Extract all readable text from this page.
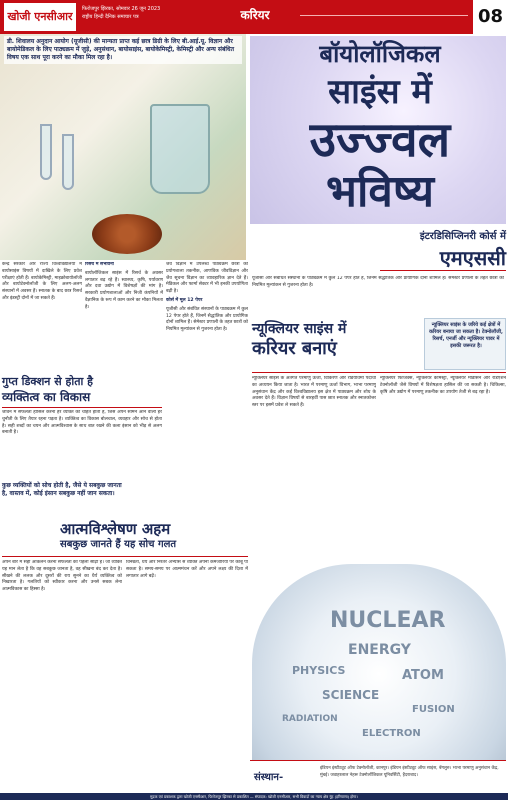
खोजी एनसीआर
फिरोजपुर झिरका, सोमवार 26 जून 2023
राष्ट्रीय हिन्दी दैनिक समाचार पत्र	करियर	08
डी. शिवालय अनुदान आयोग (यूजीसी) की मान्यता प्राप्त कई छात्र डिग्री के लिए बी.आई.यू. विज्ञान और बायोमेडिकल के लिए पाठ्यक्रम में जुड़े, अनुसंधान, बायोसाइंस, बायोकेमिस्ट्री, केमिस्ट्री और अन्य संबंधित विषय एक साथ पूरा करने का मौका मिल रहा है।	बॉयोलॉजिकल
साइंस में
उज्ज्वल
भविष्य
इंटरडिसिप्लिनरी कोर्स में
एमएससी

केन्द्र सरकार और राज्य विश्वविद्यालयों में बायोसाइंस विषयों में दाखिले के लिए प्रवेश परीक्षाएं होती हैं। बायोकेमिस्ट्री, माइक्रोबायोलॉजी और बायोटेक्नोलॉजी के लिए अलग-अलग संस्थानों में अवसर हैं। स्नातक के बाद छात्र रिसर्च और इंडस्ट्री दोनों में जा सकते हैं।

रिसर्च में संभावना

बायोलॉजिकल साइंस में रिसर्च के अवसर लगातार बढ़ रहे हैं। स्वास्थ्य, कृषि, पर्यावरण और दवा उद्योग में विशेषज्ञों की मांग है। सरकारी प्रयोगशालाओं और निजी कंपनियों में वैज्ञानिक के रूप में काम करने का मौका मिलता है।

जैव विज्ञान में उपलब्ध पाठ्यक्रम छात्रों को प्रयोगशाला तकनीक, आणविक जीवविज्ञान और जैव सूचना विज्ञान का व्यावहारिक ज्ञान देते हैं। मेडिकल और फार्मा सेक्टर में भी इनकी उपयोगिता बढ़ी है।

कोर्स में मूल 12 पेपर

यूजीसी और संबंधित संस्थानों के पाठ्यक्रम में कुल 12 पेपर होते हैं, जिनमें सैद्धांतिक और प्रायोगिक दोनों शामिल हैं। सेमेस्टर प्रणाली के तहत छात्रों को नियमित मूल्यांकन से गुजरना होता है।

यूजीसी और संबंधित संस्थानों के पाठ्यक्रम में कुल 12 पेपर होते हैं, जिनमें सैद्धांतिक और प्रायोगिक दोनों शामिल हैं। सेमेस्टर प्रणाली के तहत छात्रों को नियमित मूल्यांकन से गुजरना होता है।

गुप्त डिक्शन से होता है
व्यक्तित्व का विकास

जीवन में सफलता हासिल करना हर व्यक्ति की चाहत होती है, जिसे अपने सामने आने वाली हर चुनौती के लिए तैयार रहना पड़ता है। व्यक्तित्व का विकास बोलचाल, व्यवहार और सोच से होता है। सही शब्दों का चयन और आत्मविश्वास के साथ बात रखने की कला इंसान को भीड़ से अलग बनाती है।

कुछ व्यक्तियों को सोच होती है, जैसे ये सबकुछ जानता है, वास्तव में, कोई इंसान सबकुछ नहीं जान सकता।
आत्मविश्लेषण अहम
सबकुछ जानते हैं यह सोच गलत

अपने बारे में सही आकलन करना सफलता की पहली सीढ़ी है। जो व्यक्ति यह मान लेता है कि वह सबकुछ जानता है, वह सीखना बंद कर देता है। सीखने की ललक और दूसरों की राय सुनने का धैर्य व्यक्तित्व को निखारता है। गलतियों को स्वीकार करना और उनसे सबक लेना आत्मविकास का हिस्सा है।

विनम्रता, धैर्य और निरंतर अभ्यास से व्यक्ति अपनी कमजोरियों पर काबू पा सकता है। समय-समय पर आत्ममंथन करें और अपने लक्ष्य की दिशा में लगातार आगे बढ़ें।

न्यूक्लियर साइंस में
करियर बनाएं
न्यूक्लियर साइंस के जरिये कई क्षेत्रों में करियर बनाया जा सकता है। टेक्नोलॉजी, रिसर्च, एनर्जी और न्यूक्लियर पावर में इसकी जरूरत है।

न्यूक्लियर साइंस के अंतर्गत परमाणु ऊर्जा, विकिरण और रेडियोधर्मी पदार्थों का अध्ययन किया जाता है। भारत में परमाणु ऊर्जा विभाग, भाभा परमाणु अनुसंधान केंद्र और कई विश्वविद्यालय इस क्षेत्र में पाठ्यक्रम और शोध के अवसर देते हैं। विज्ञान विषयों से बारहवीं पास छात्र स्नातक और स्नातकोत्तर स्तर पर इसमें प्रवेश ले सकते हैं।

न्यूक्लियर फिजिक्स, न्यूक्लियर केमिस्ट्री, न्यूक्लियर मेडिसिन और रेडिएशन टेक्नोलॉजी जैसे विषयों में विशेषज्ञता हासिल की जा सकती है। चिकित्सा, कृषि और उद्योग में परमाणु तकनीक का उपयोग तेजी से बढ़ रहा है।

NUCLEAR
ENERGY
PHYSICS	ATOM
SCIENCE
FUSION
RADIATION
ELECTRON
संस्थान-
इंडियन इंस्टीट्यूट ऑफ टेक्नोलॉजी, कानपुर। इंडियन इंस्टीट्यूट ऑफ साइंस, बेंगलुरु। भाभा परमाणु अनुसंधान केंद्र, मुंबई। जवाहरलाल नेहरू टेक्नोलॉजिकल यूनिवर्सिटी, हैदराबाद।
मुद्रक एवं प्रकाशक द्वारा खोजी एनसीआर, फिरोजपुर झिरका से प्रकाशित — संपादक: खोजी एनसीआर, सभी विवादों का न्याय क्षेत्र नूंह (हरियाणा) होगा।
